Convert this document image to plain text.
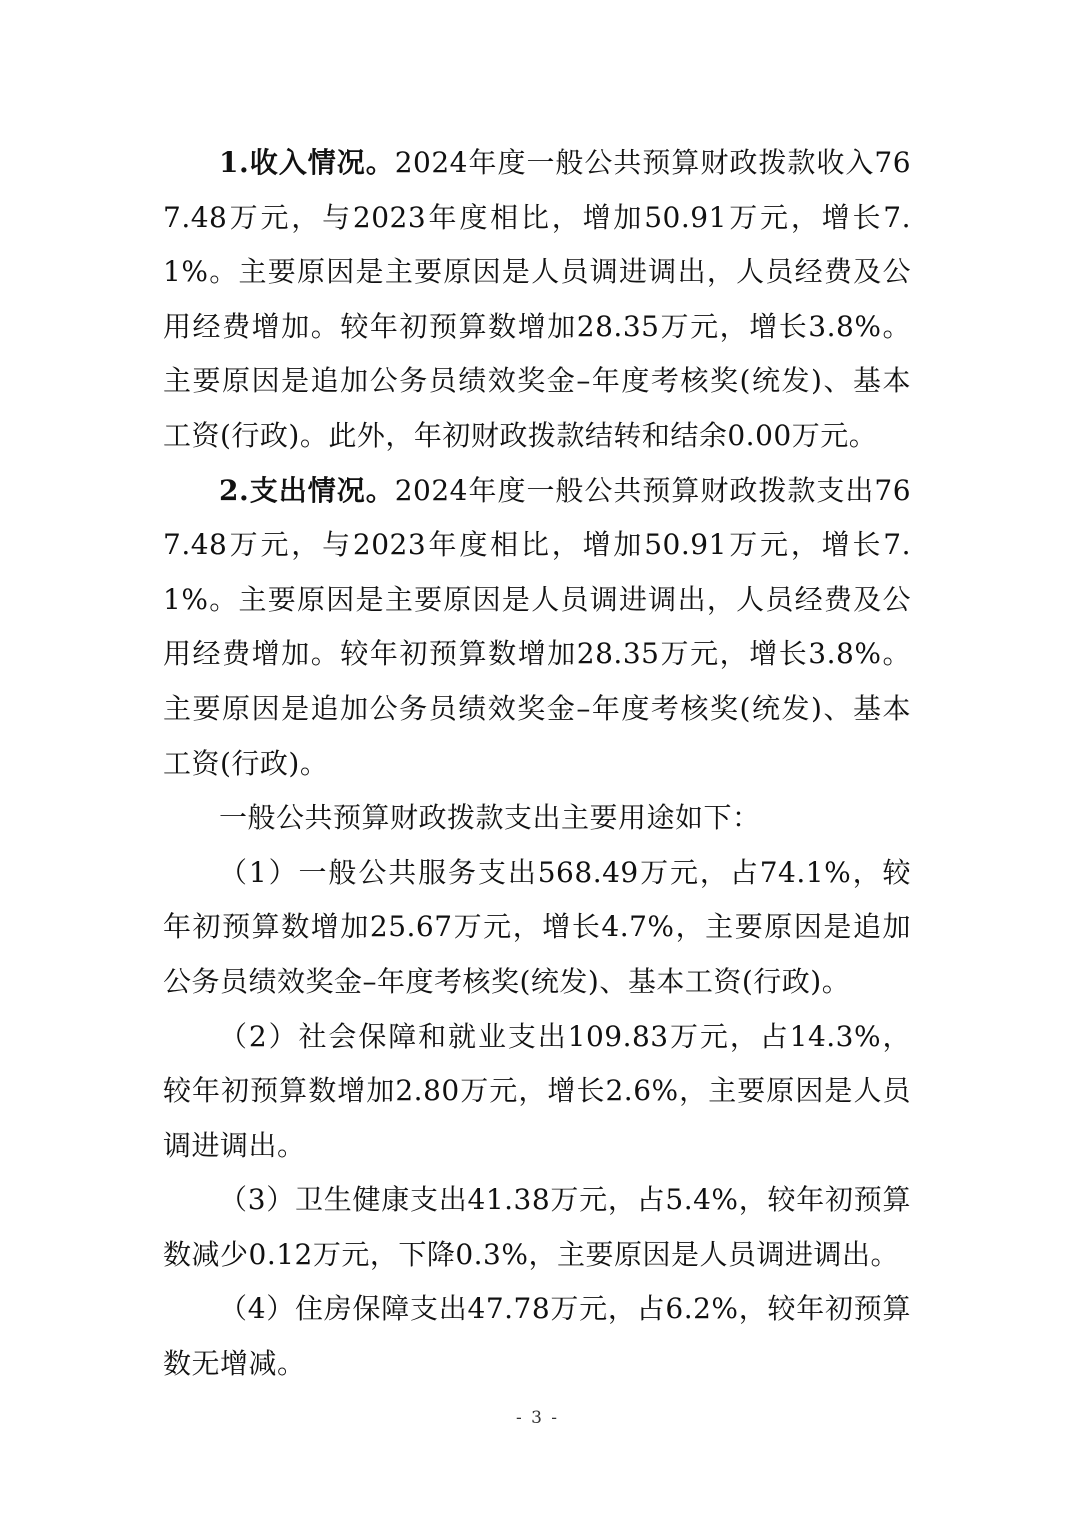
1.收入情况。2024年度一般公共预算财政拨款收入767.48万元，与2023年度相比，增加50.91万元，增长7.1%。主要原因是主要原因是人员调进调出，人员经费及公用经费增加。较年初预算数增加28.35万元，增长3.8%。主要原因是追加公务员绩效奖金–年度考核奖(统发)、基本工资(行政)。此外，年初财政拨款结转和结余0.00万元。

2.支出情况。2024年度一般公共预算财政拨款支出767.48万元，与2023年度相比，增加50.91万元，增长7.1%。主要原因是主要原因是人员调进调出，人员经费及公用经费增加。较年初预算数增加28.35万元，增长3.8%。主要原因是追加公务员绩效奖金–年度考核奖(统发)、基本工资(行政)。

一般公共预算财政拨款支出主要用途如下：

（1）一般公共服务支出568.49万元，占74.1%，较年初预算数增加25.67万元，增长4.7%，主要原因是追加公务员绩效奖金–年度考核奖(统发)、基本工资(行政)。

（2）社会保障和就业支出109.83万元，占14.3%，较年初预算数增加2.80万元，增长2.6%，主要原因是人员调进调出。

（3）卫生健康支出41.38万元，占5.4%，较年初预算数减少0.12万元，下降0.3%，主要原因是人员调进调出。

（4）住房保障支出47.78万元，占6.2%，较年初预算数无增减。

- 3 -
